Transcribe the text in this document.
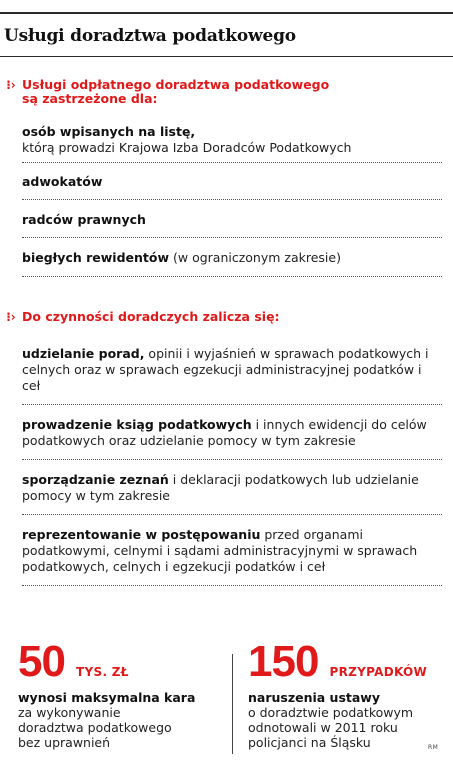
Usługi doradztwa podatkowego
⁝› Usługi odpłatnego doradztwa podatkowego
są zastrzeżone dla:
osób wpisanych na listę,
którą prowadzi Krajowa Izba Doradców Podatkowych
adwokatów
radców prawnych
biegłych rewidentów (w ograniczonym zakresie)
⁝› Do czynności doradczych zalicza się:
udzielanie porad, opinii i wyjaśnień w sprawach podatkowych i celnych oraz w sprawach egzekucji administracyjnej podatków i ceł
prowadzenie ksiąg podatkowych i innych ewidencji do celów podatkowych oraz udzielanie pomocy w tym zakresie
sporządzanie zeznań i deklaracji podatkowych lub udzielanie pomocy w tym zakresie
reprezentowanie w postępowaniu przed organami podatkowymi, celnymi i sądami administracyjnymi w sprawach podatkowych, celnych i egzekucji podatków i ceł
50 TYS. ZŁ
wynosi maksymalna kara
za wykonywanie
doradztwa podatkowego
bez uprawnień
150 PRZYPADKÓW
naruszenia ustawy
o doradztwie podatkowym
odnotowali w 2011 roku
policjanci na Śląsku	RM
